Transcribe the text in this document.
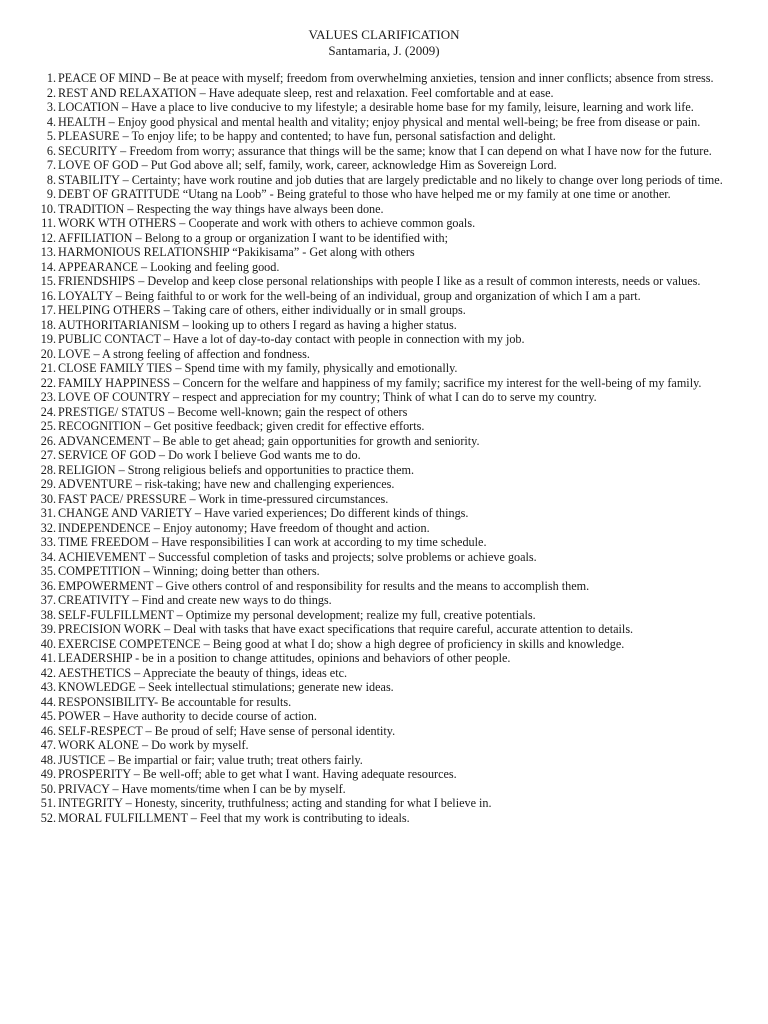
VALUES CLARIFICATION
Santamaria, J. (2009)
1. PEACE OF MIND – Be at peace with myself; freedom from overwhelming anxieties, tension and inner conflicts; absence from stress.
2. REST AND RELAXATION – Have adequate sleep, rest and relaxation. Feel comfortable and at ease.
3. LOCATION – Have a place to live conducive to my lifestyle; a desirable home base for my family, leisure, learning and work life.
4. HEALTH – Enjoy good physical and mental health and vitality; enjoy physical and mental well-being; be free from disease or pain.
5. PLEASURE – To enjoy life; to be happy and contented; to have fun, personal satisfaction and delight.
6. SECURITY – Freedom from worry; assurance that things will be the same; know that I can depend on what I have now for the future.
7. LOVE OF GOD – Put God above all; self, family, work, career, acknowledge Him as Sovereign Lord.
8. STABILITY – Certainty; have work routine and job duties that are largely predictable and no likely to change over long periods of time.
9. DEBT OF GRATITUDE “Utang na Loob” - Being grateful to those who have helped me or my family at one time or another.
10. TRADITION – Respecting the way things have always been done.
11. WORK WTH OTHERS – Cooperate and work with others to achieve common goals.
12. AFFILIATION – Belong to a group or organization I want to be identified with;
13. HARMONIOUS RELATIONSHIP “Pakikisama” - Get along with others
14. APPEARANCE – Looking and feeling good.
15. FRIENDSHIPS – Develop and keep close personal relationships with people I like as a result of common interests, needs or values.
16. LOYALTY – Being faithful to or work for the well-being of an individual, group and organization of which I am a part.
17. HELPING OTHERS – Taking care of others, either individually or in small groups.
18. AUTHORITARIANISM – looking up to others I regard as having a higher status.
19. PUBLIC CONTACT – Have a lot of day-to-day contact with people in connection with my job.
20. LOVE – A strong feeling of affection and fondness.
21. CLOSE FAMILY TIES – Spend time with my family, physically and emotionally.
22. FAMILY HAPPINESS – Concern for the welfare and happiness of my family; sacrifice my interest for the well-being of my family.
23. LOVE OF COUNTRY – respect and appreciation for my country; Think of what I can do to serve my country.
24. PRESTIGE/ STATUS – Become well-known; gain the respect of others
25. RECOGNITION – Get positive feedback; given credit for effective efforts.
26. ADVANCEMENT – Be able to get ahead; gain opportunities for growth and seniority.
27. SERVICE OF GOD – Do work I believe God wants me to do.
28. RELIGION – Strong religious beliefs and opportunities to practice them.
29. ADVENTURE – risk-taking; have new and challenging experiences.
30. FAST PACE/ PRESSURE – Work in time-pressured circumstances.
31. CHANGE AND VARIETY – Have varied experiences; Do different kinds of things.
32. INDEPENDENCE – Enjoy autonomy; Have freedom of thought and action.
33. TIME FREEDOM – Have responsibilities I can work at according to my time schedule.
34. ACHIEVEMENT – Successful completion of tasks and projects; solve problems or achieve goals.
35. COMPETITION – Winning; doing better than others.
36. EMPOWERMENT – Give others control of and responsibility for results and the means to accomplish them.
37. CREATIVITY – Find and create new ways to do things.
38. SELF-FULFILLMENT – Optimize my personal development; realize my full, creative potentials.
39. PRECISION WORK – Deal with tasks that have exact specifications that require careful, accurate attention to details.
40. EXERCISE COMPETENCE – Being good at what I do; show a high degree of proficiency in skills and knowledge.
41. LEADERSHIP - be in a position to change attitudes, opinions and behaviors of other people.
42. AESTHETICS – Appreciate the beauty of things, ideas etc.
43. KNOWLEDGE – Seek intellectual stimulations; generate new ideas.
44. RESPONSIBILITY- Be accountable for results.
45. POWER – Have authority to decide course of action.
46. SELF-RESPECT – Be proud of self; Have sense of personal identity.
47. WORK ALONE – Do work by myself.
48. JUSTICE – Be impartial or fair; value truth; treat others fairly.
49. PROSPERITY – Be well-off; able to get what I want. Having adequate resources.
50. PRIVACY – Have moments/time when I can be by myself.
51. INTEGRITY – Honesty, sincerity, truthfulness; acting and standing for what I believe in.
52. MORAL FULFILLMENT – Feel that my work is contributing to ideals.
